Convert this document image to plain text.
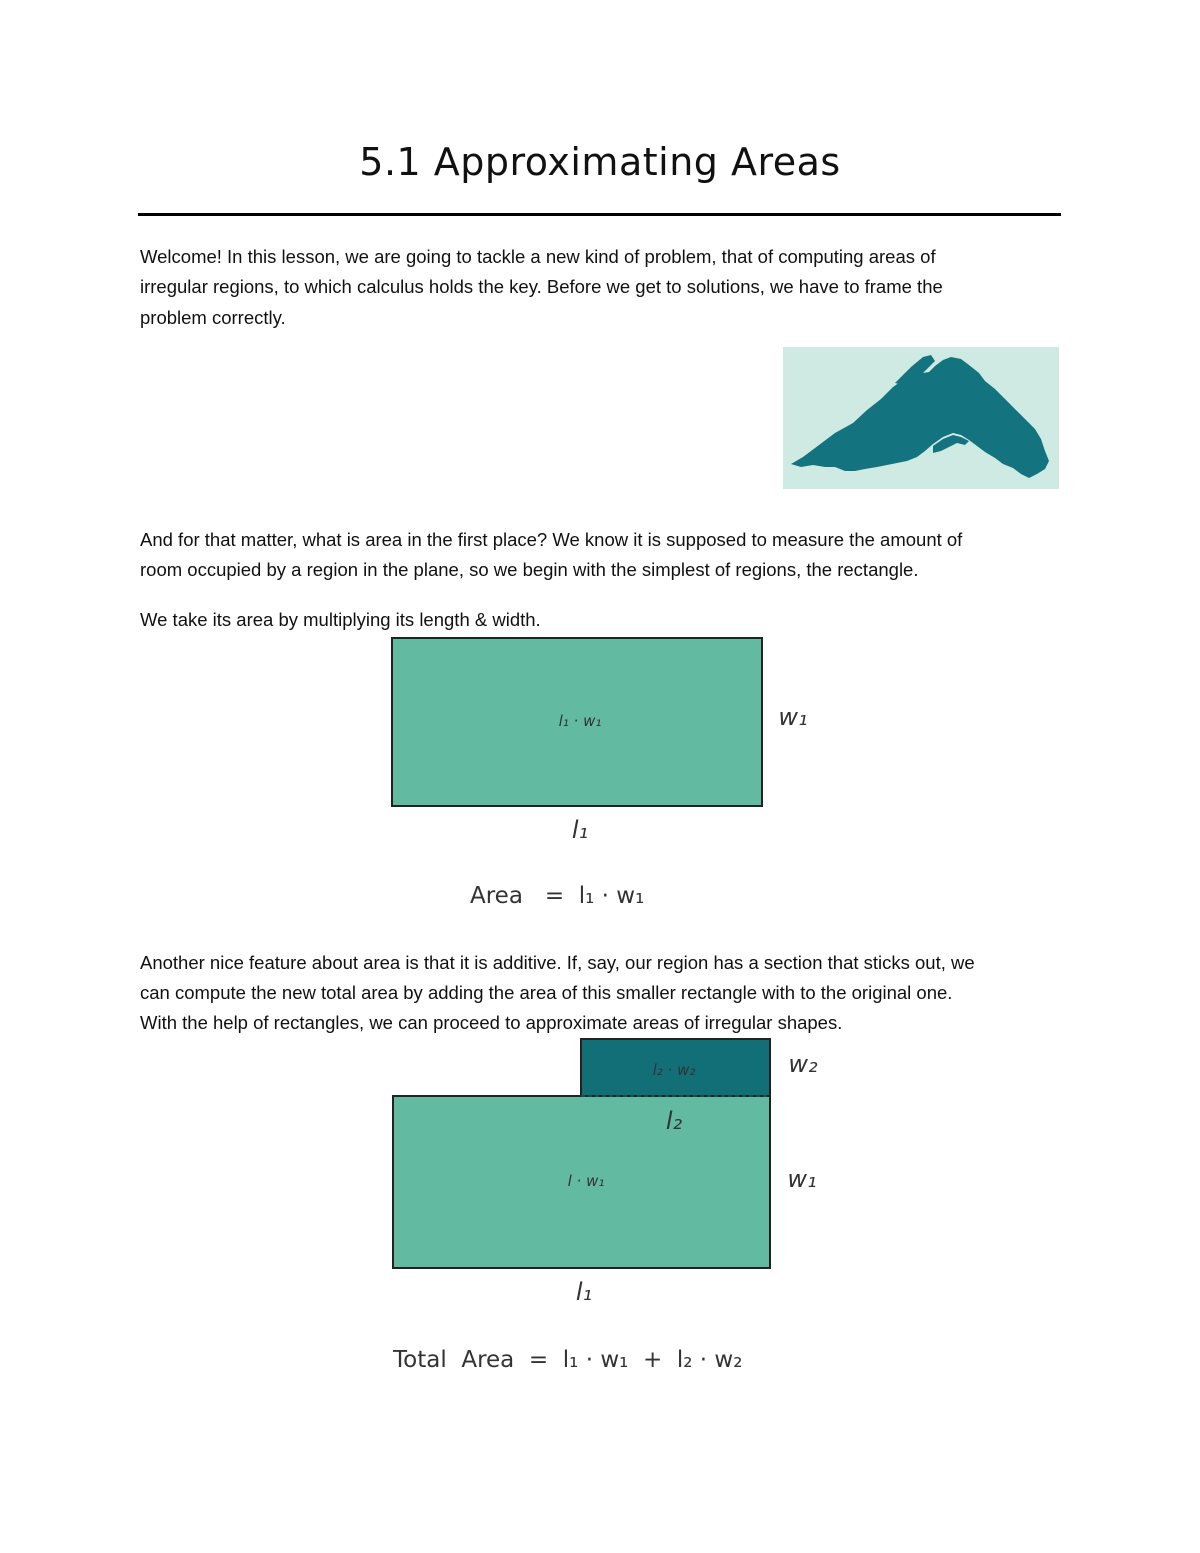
5.1 Approximating Areas

Welcome! In this lesson, we are going to tackle a new kind of problem, that of computing areas of

irregular regions, to which calculus holds the key. Before we get to solutions, we have to frame the

problem correctly.

And for that matter, what is area in the first place? We know it is supposed to measure the amount of

room occupied by a region in the plane, so we begin with the simplest of regions, the rectangle.

We take its area by multiplying its length & width.

l₁ · w₁	w₁
l₁
Area   =  l₁ · w₁

Another nice feature about area is that it is additive. If, say, our region has a section that sticks out, we

can compute the new total area by adding the area of this smaller rectangle with to the original one.

With the help of rectangles, we can proceed to approximate areas of irregular shapes.

l₂ · w₂	w₂
l₂
l · w₁	w₁
l₁
Total  Area  =  l₁ · w₁  +  l₂ · w₂
